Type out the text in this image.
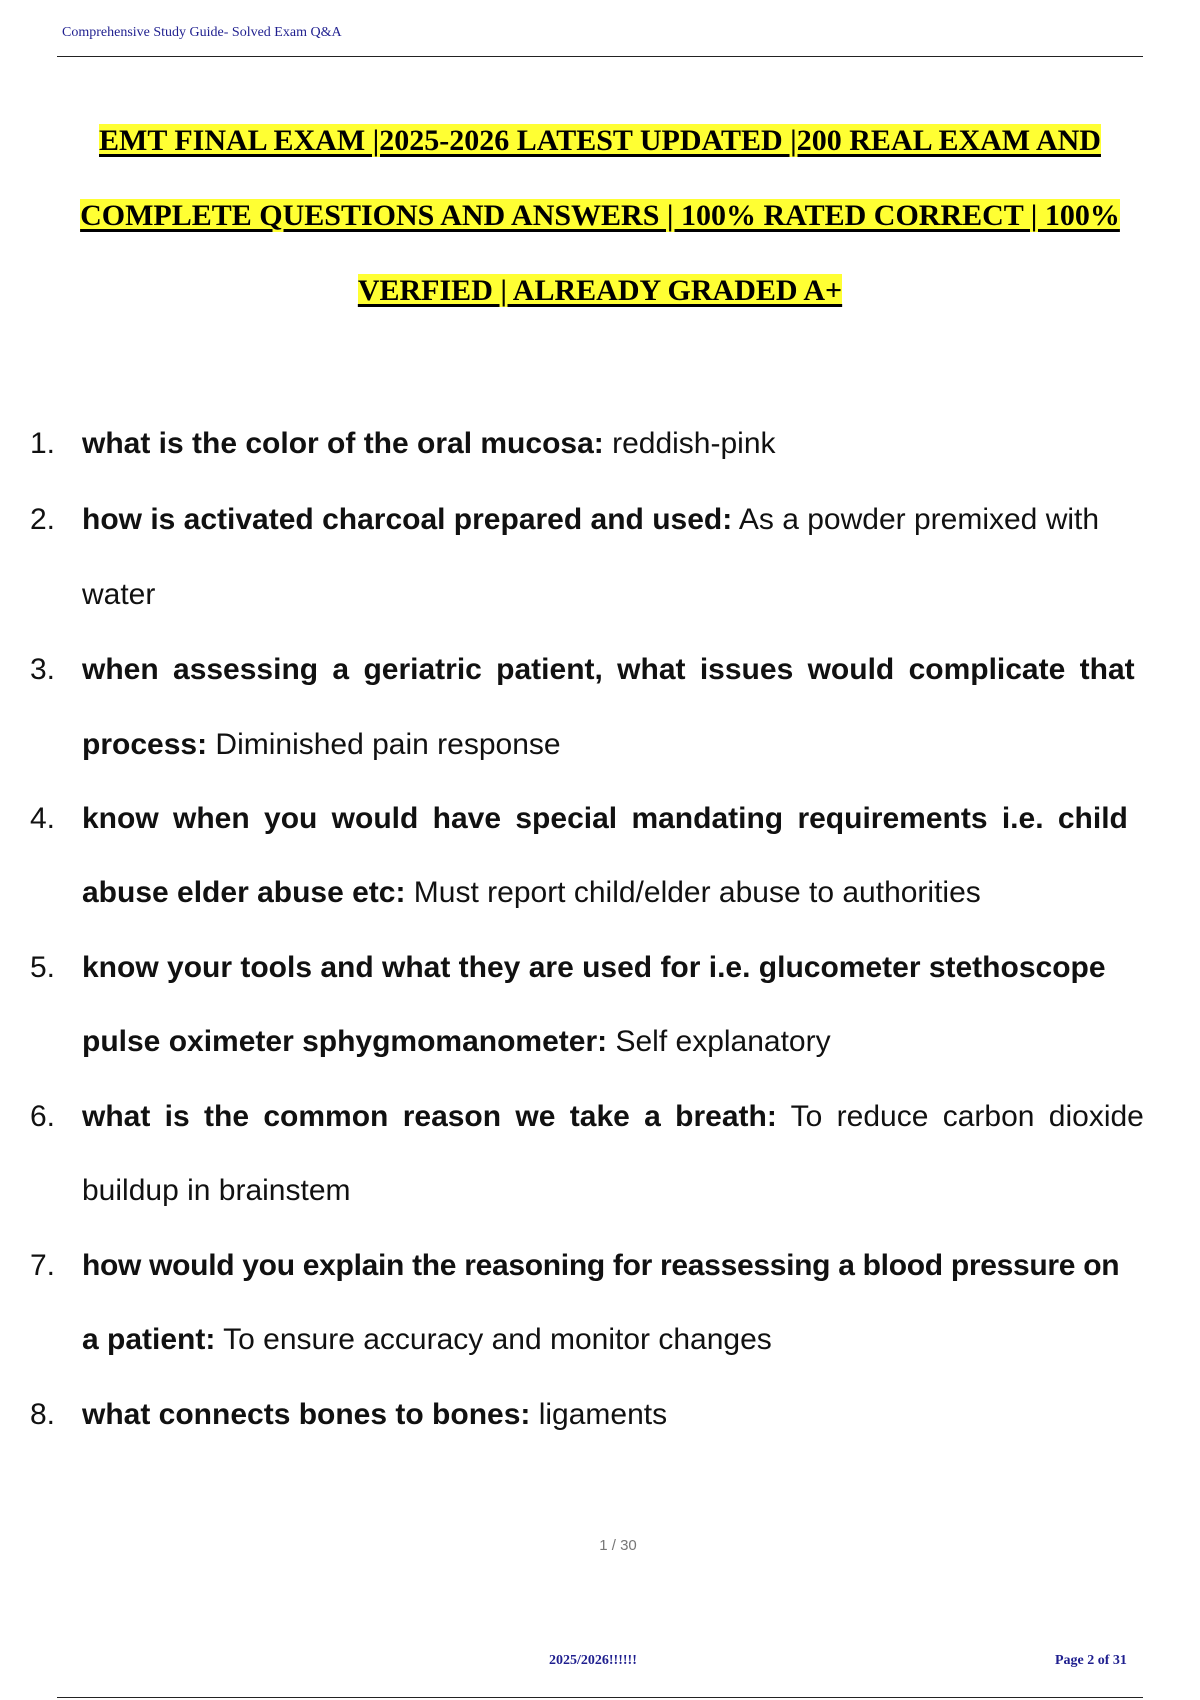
Comprehensive Study Guide- Solved Exam Q&A
EMT FINAL EXAM |2025-2026 LATEST UPDATED |200 REAL EXAM AND
COMPLETE QUESTIONS AND ANSWERS | 100% RATED CORRECT | 100%
VERFIED | ALREADY GRADED A+
1. what is the color of the oral mucosa: reddish-pink
2. how is activated charcoal prepared and used: As a powder premixed with
water
3. when assessing a geriatric patient, what issues would complicate that
process: Diminished pain response
4. know when you would have special mandating requirements i.e. child
abuse elder abuse etc: Must report child/elder abuse to authorities
5. know your tools and what they are used for i.e. glucometer stethoscope
pulse oximeter sphygmomanometer: Self explanatory
6. what is the common reason we take a breath: To reduce carbon dioxide
buildup in brainstem
7. how would you explain the reasoning for reassessing a blood pressure on
a patient: To ensure accuracy and monitor changes
8. what connects bones to bones: ligaments
1 / 30
2025/2026!!!!!!	Page 2 of 31
